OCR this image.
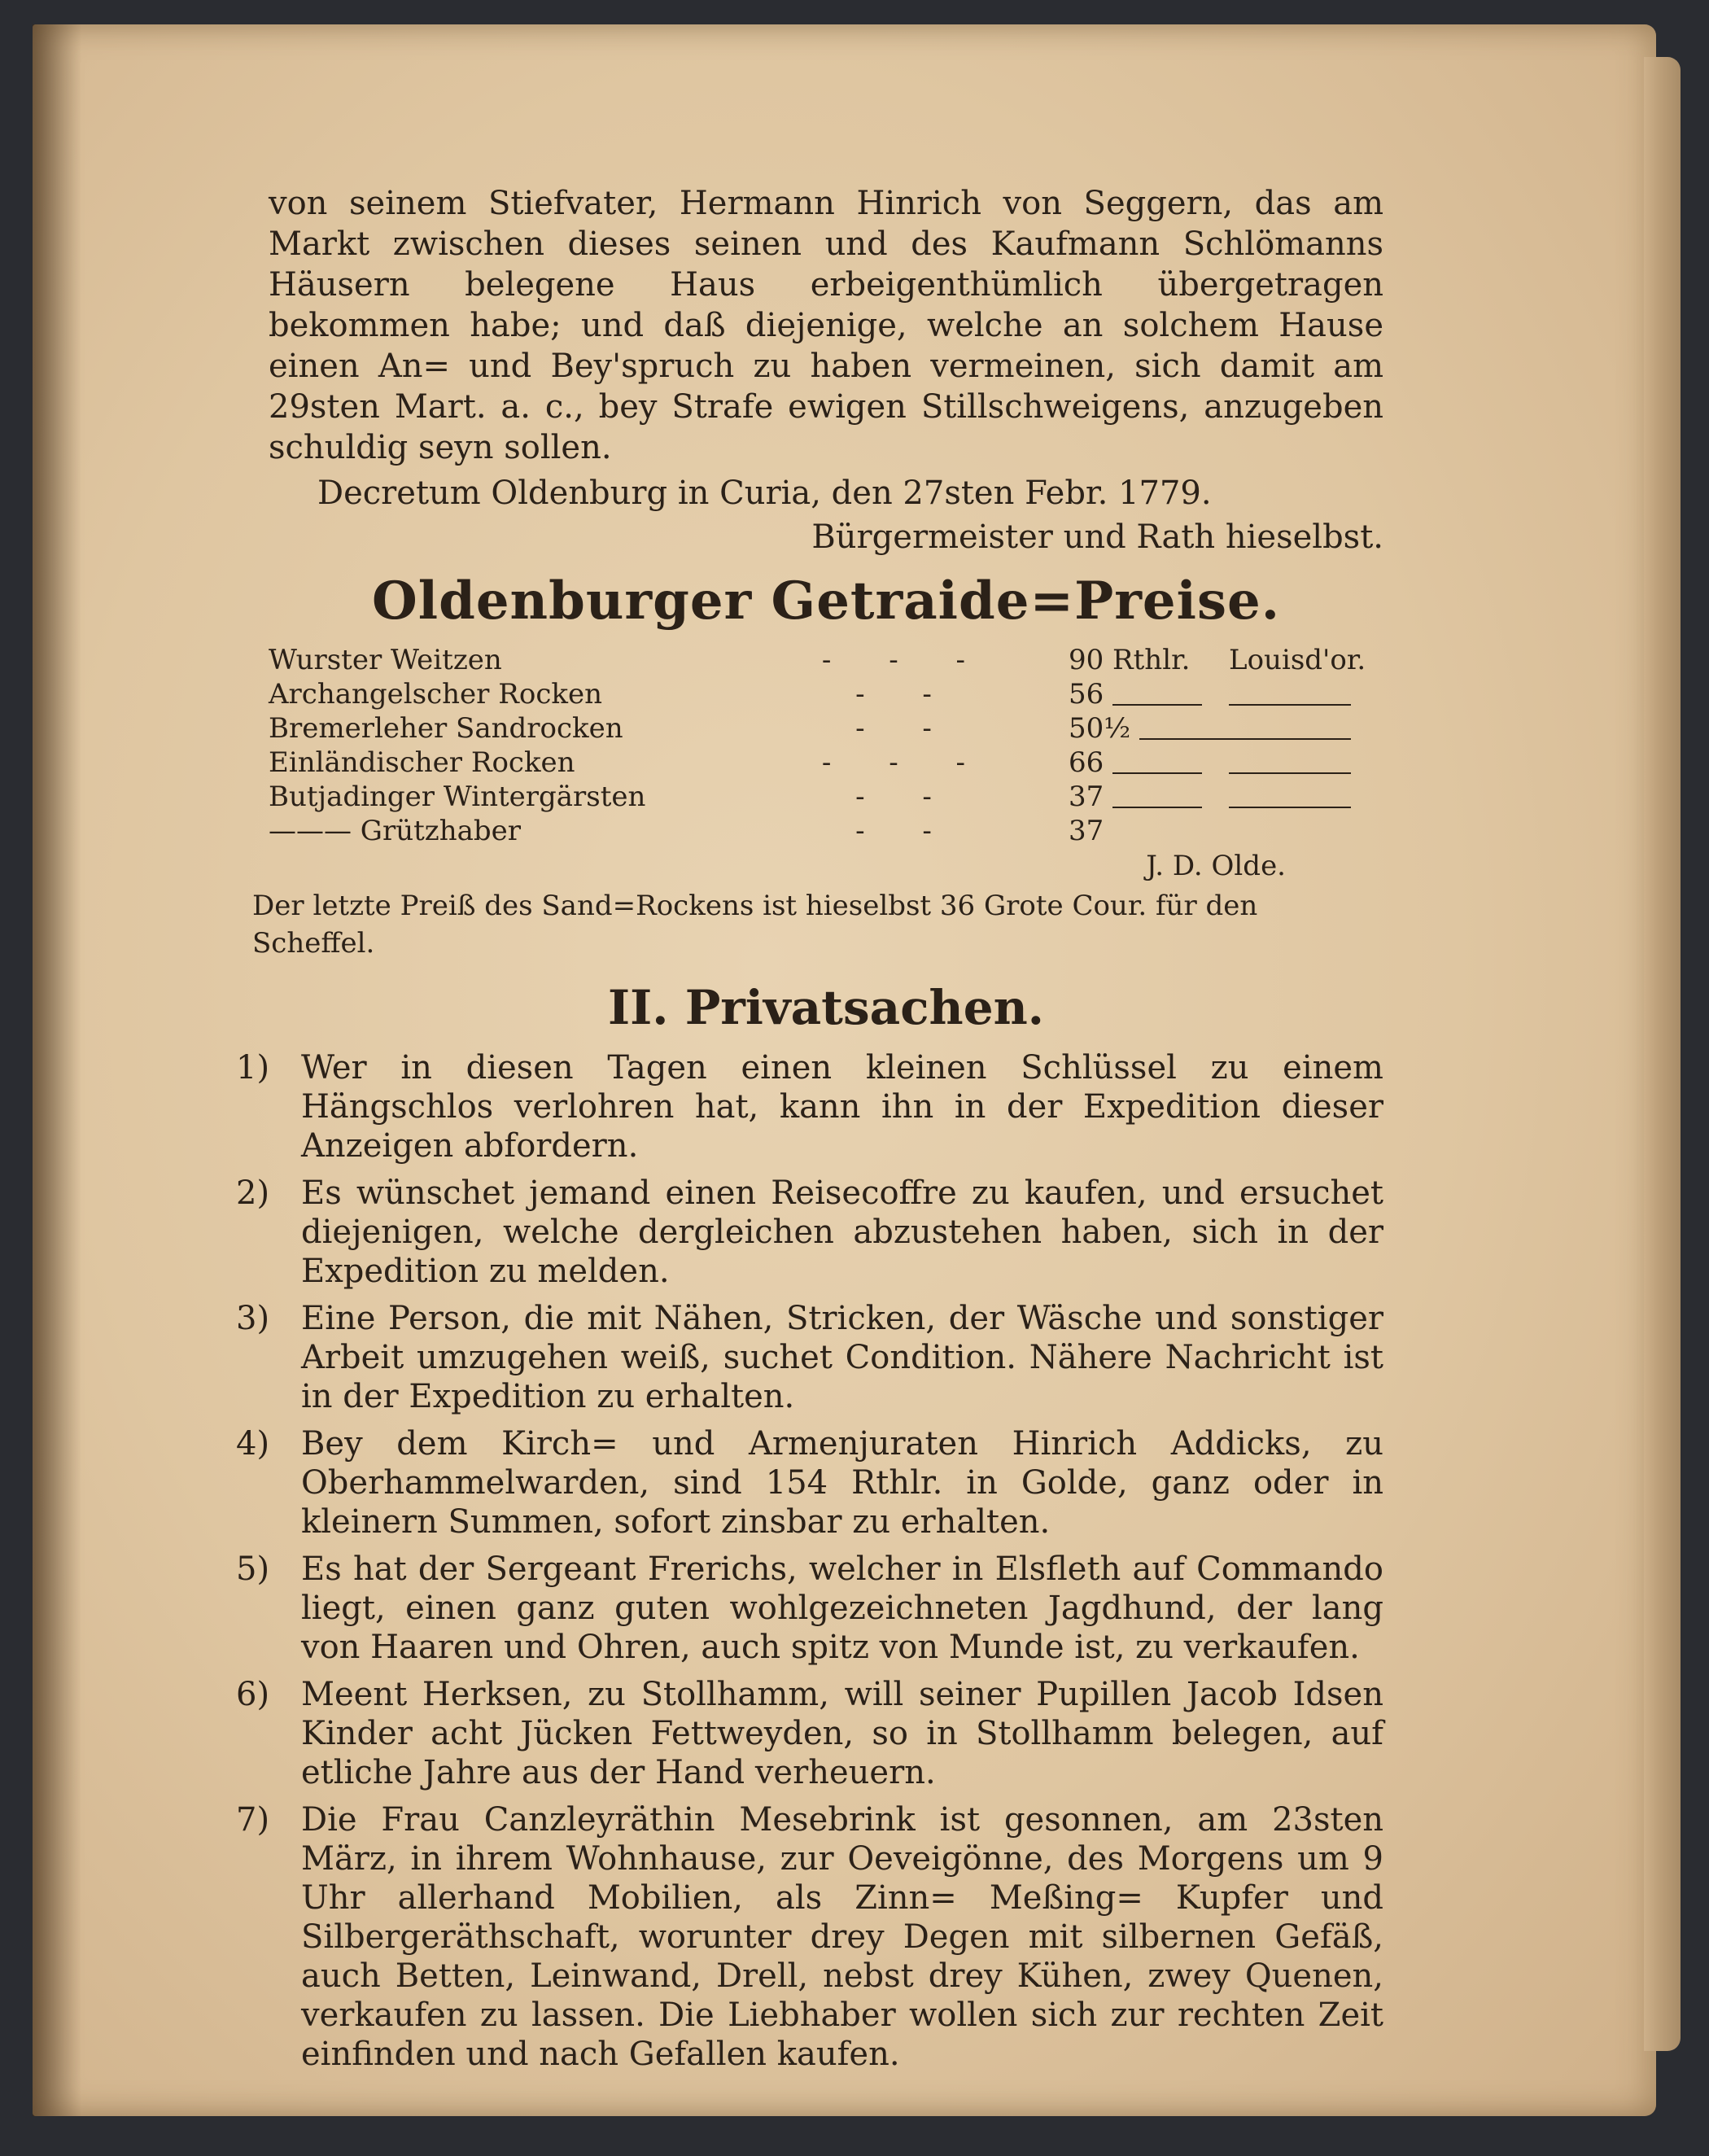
von seinem Stiefvater, Hermann Hinrich von Seggern, das am Markt zwischen dieses seinen und des Kaufmann Schlömanns Häusern belegene Haus erbeigenthümlich übergetragen bekommen habe; und daß diejenige, welche an solchem Hause einen An= und Bey'spruch zu haben vermeinen, sich damit am 29sten Mart. a. c., bey Strafe ewigen Stillschweigens, anzugeben schuldig seyn sollen.

Decretum Oldenburg in Curia, den 27sten Febr. 1779.

Bürgermeister und Rath hieselbst.

Oldenburger Getraide=Preise.
Wurster Weitzen	- - -	90 Rthlr.	Louisd'or.
Archangelscher Rocken	- -	56	
Bremerleher Sandrocken	- -	50½	
Einländischer Rocken	- - -	66	
Butjadinger Wintergärsten	- -	37	
——— Grützhaber	- -	37	
J. D. Olde.
Der letzte Preiß des Sand=Rockens ist hieselbst 36 Grote Cour. für den Scheffel.
II. Privatsachen.
1) Wer in diesen Tagen einen kleinen Schlüssel zu einem Hängschlos verlohren hat, kann ihn in der Expedition dieser Anzeigen abfordern.
2) Es wünschet jemand einen Reisecoffre zu kaufen, und ersuchet diejenigen, welche dergleichen abzustehen haben, sich in der Expedition zu melden.
3) Eine Person, die mit Nähen, Stricken, der Wäsche und sonstiger Arbeit umzugehen weiß, suchet Condition. Nähere Nachricht ist in der Expedition zu erhalten.
4) Bey dem Kirch= und Armenjuraten Hinrich Addicks, zu Oberhammelwarden, sind 154 Rthlr. in Golde, ganz oder in kleinern Summen, sofort zinsbar zu erhalten.
5) Es hat der Sergeant Frerichs, welcher in Elsfleth auf Commando liegt, einen ganz guten wohlgezeichneten Jagdhund, der lang von Haaren und Ohren, auch spitz von Munde ist, zu verkaufen.
6) Meent Herksen, zu Stollhamm, will seiner Pupillen Jacob Idsen Kinder acht Jücken Fettweyden, so in Stollhamm belegen, auf etliche Jahre aus der Hand verheuern.
7) Die Frau Canzleyräthin Mesebrink ist gesonnen, am 23sten März, in ihrem Wohnhause, zur Oeveigönne, des Morgens um 9 Uhr allerhand Mobilien, als Zinn= Meßing= Kupfer und Silbergeräthschaft, worunter drey Degen mit silbernen Gefäß, auch Betten, Leinwand, Drell, nebst drey Kühen, zwey Quenen, verkaufen zu lassen. Die Liebhaber wollen sich zur rechten Zeit einfinden und nach Gefallen kaufen.
